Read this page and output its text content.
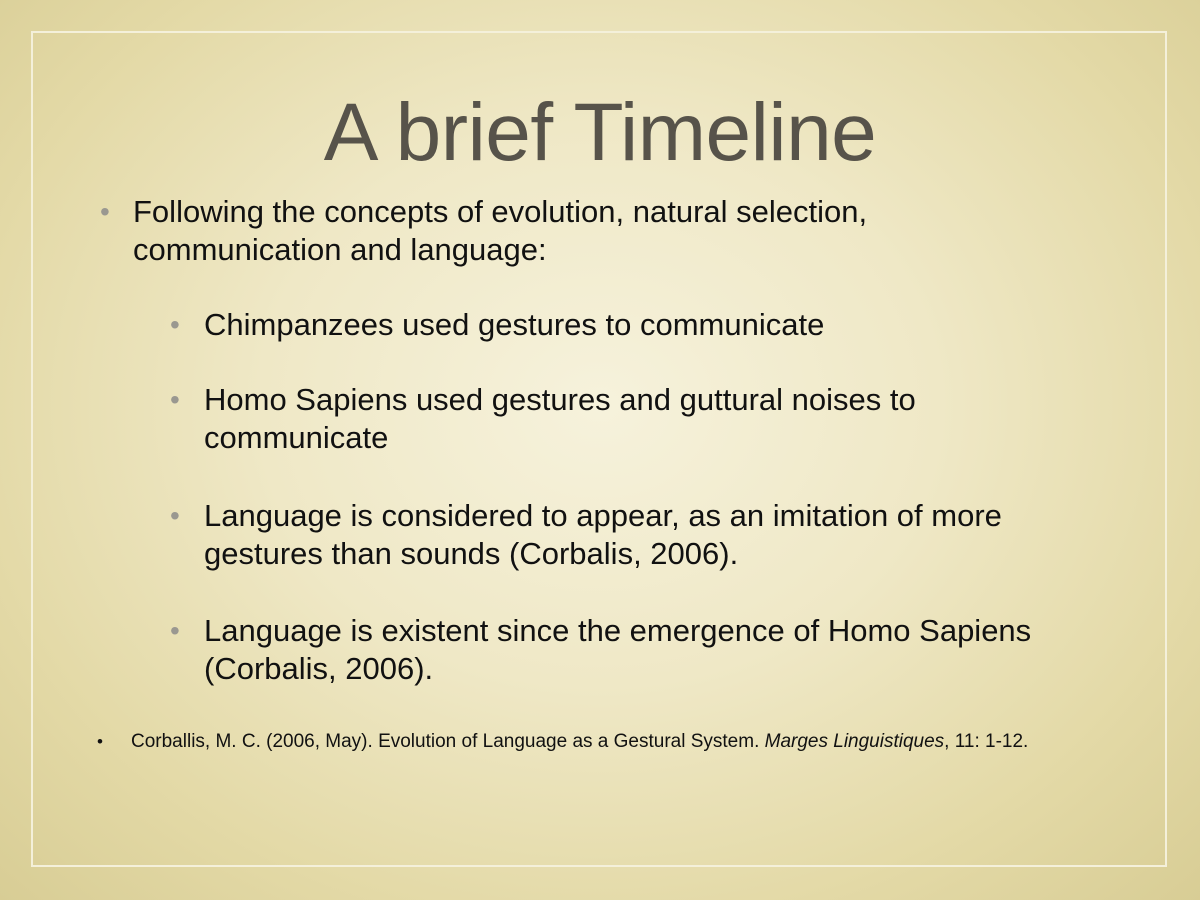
A brief Timeline
• Following the concepts of evolution, natural selection, communication and language:
• Chimpanzees used gestures to communicate
• Homo Sapiens used gestures and guttural noises to communicate
• Language is considered to appear, as an imitation of more gestures than sounds (Corbalis, 2006).
• Language is existent since the emergence of Homo Sapiens (Corbalis, 2006).
• Corballis, M. C. (2006, May). Evolution of Language as a Gestural System. Marges Linguistiques, 11: 1-12.
